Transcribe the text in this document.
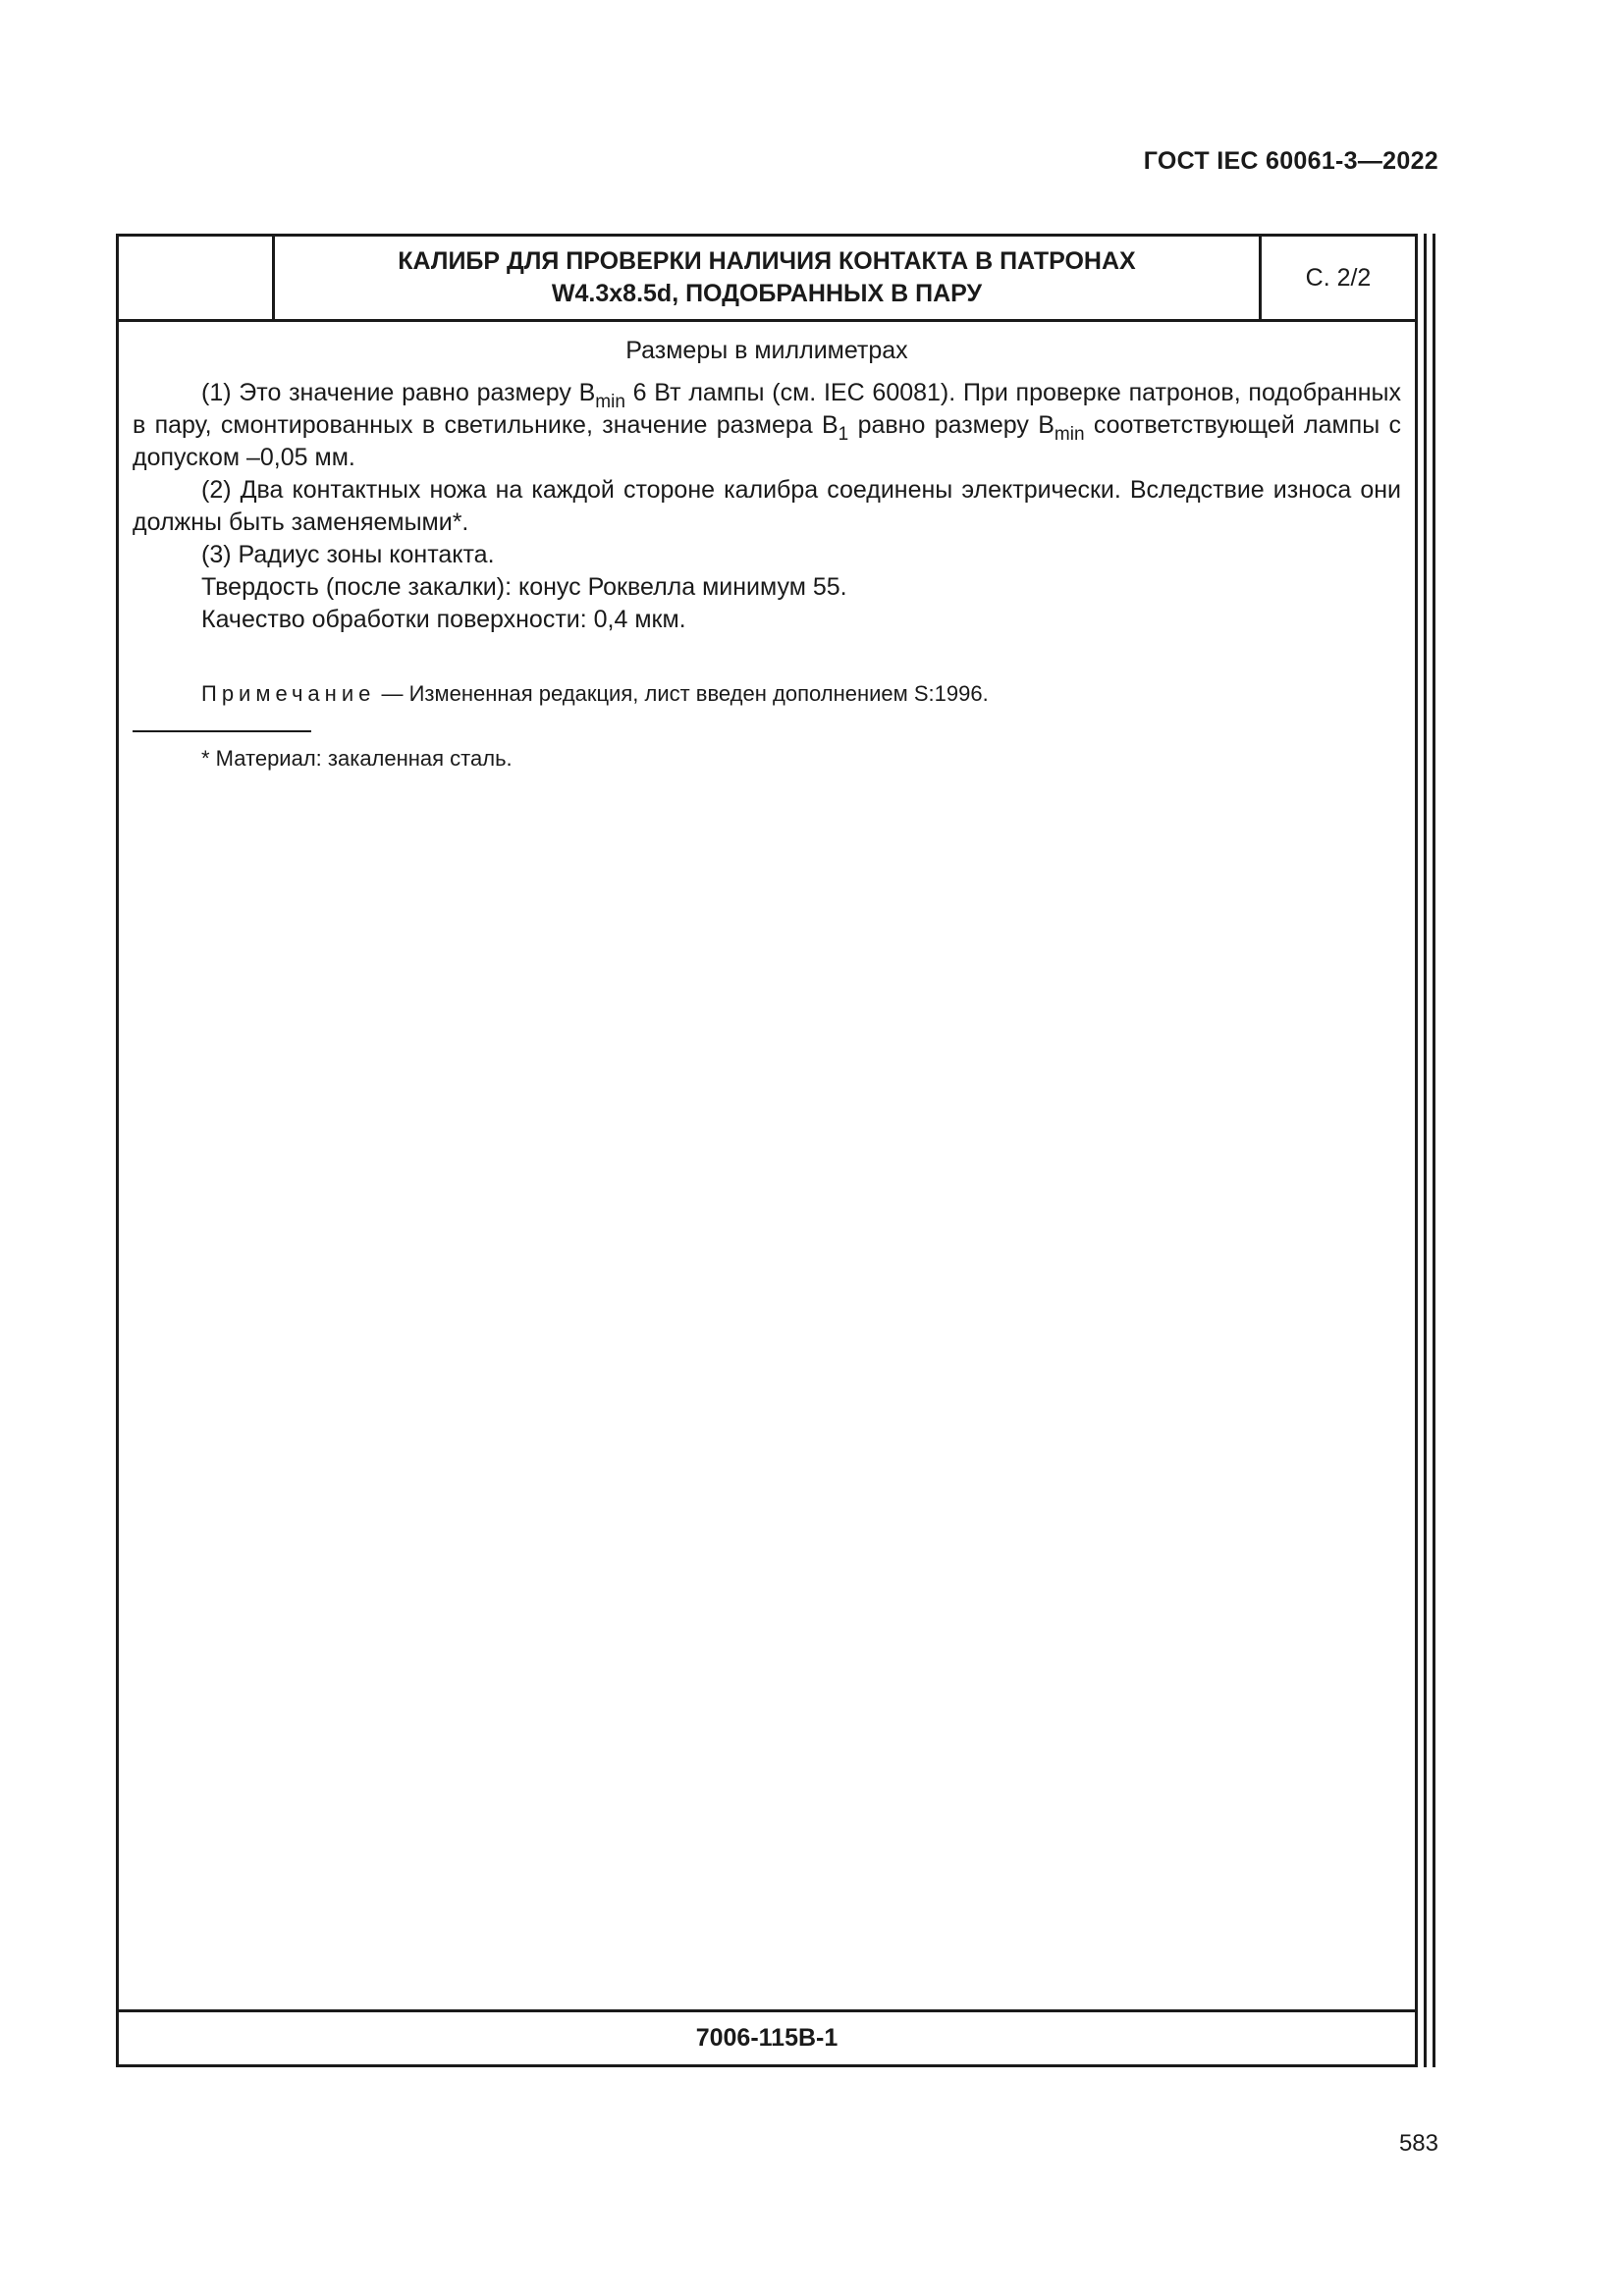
ГОСТ IEC 60061-3—2022
КАЛИБР ДЛЯ ПРОВЕРКИ НАЛИЧИЯ КОНТАКТА В ПАТРОНАХ
W4.3x8.5d, ПОДОБРАННЫХ В ПАРУ
С. 2/2
Размеры в миллиметрах

(1) Это значение равно размеру $B_{min}$ 6 Вт лампы (см. IEC 60081). При проверке патронов, подобранных в пару, смонтированных в светильнике, значение размера $B_1$ равно размеру $B_{min}$ соответствующей лампы с допуском –0,05 мм.

(2) Два контактных ножа на каждой стороне калибра соединены электрически. Вследствие износа они должны быть заменяемыми*.

(3) Радиус зоны контакта.

Твердость (после закалки): конус Роквелла минимум 55.

Качество обработки поверхности: 0,4 мкм.

Примечание — Измененная редакция, лист введен дополнением S:1996.
* Материал: закаленная сталь.
7006-115B-1
583
